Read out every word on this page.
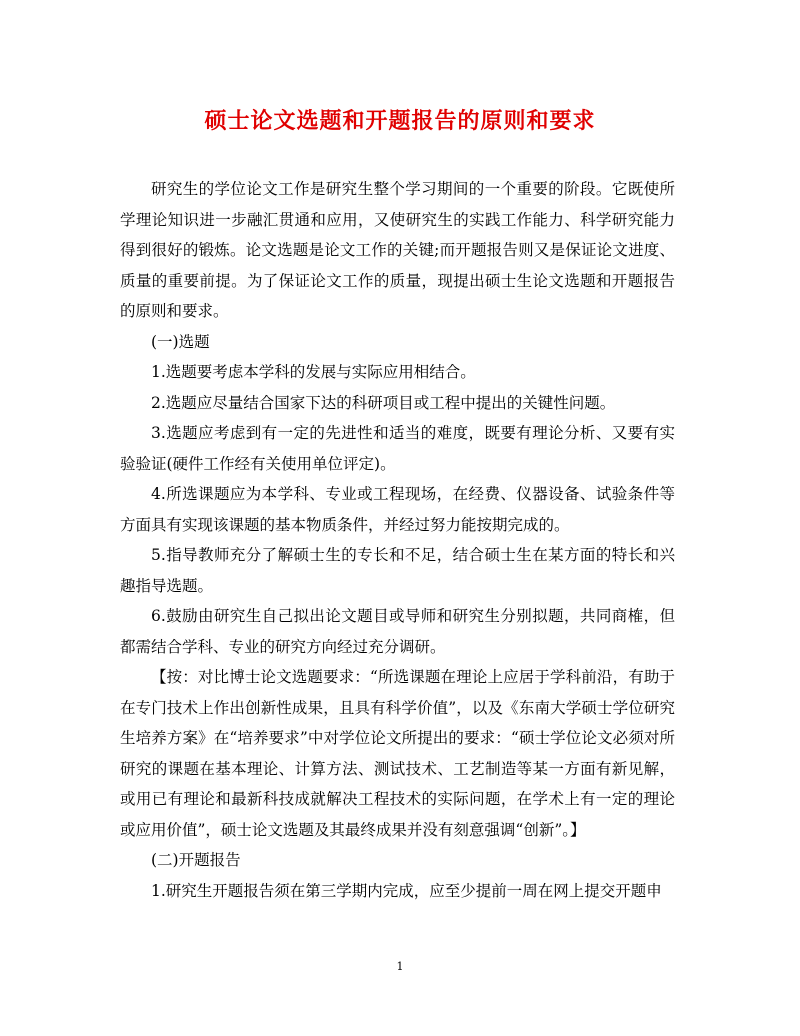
硕士论文选题和开题报告的原则和要求

研究生的学位论文工作是研究生整个学习期间的一个重要的阶段。它既使所学理论知识进一步融汇贯通和应用，又使研究生的实践工作能力、科学研究能力得到很好的锻炼。论文选题是论文工作的关键;而开题报告则又是保证论文进度、质量的重要前提。为了保证论文工作的质量，现提出硕士生论文选题和开题报告的原则和要求。

(一)选题

1.选题要考虑本学科的发展与实际应用相结合。

2.选题应尽量结合国家下达的科研项目或工程中提出的关键性问题。

3.选题应考虑到有一定的先进性和适当的难度，既要有理论分析、又要有实验验证(硬件工作经有关使用单位评定)。

4.所选课题应为本学科、专业或工程现场，在经费、仪器设备、试验条件等方面具有实现该课题的基本物质条件，并经过努力能按期完成的。

5.指导教师充分了解硕士生的专长和不足，结合硕士生在某方面的特长和兴趣指导选题。

6.鼓励由研究生自己拟出论文题目或导师和研究生分别拟题，共同商榷，但都需结合学科、专业的研究方向经过充分调研。

【按：对比博士论文选题要求：“所选课题在理论上应居于学科前沿，有助于在专门技术上作出创新性成果，且具有科学价值”，以及《东南大学硕士学位研究生培养方案》在“培养要求”中对学位论文所提出的要求：“硕士学位论文必须对所研究的课题在基本理论、计算方法、测试技术、工艺制造等某一方面有新见解，或用已有理论和最新科技成就解决工程技术的实际问题，在学术上有一定的理论或应用价值”，硕士论文选题及其最终成果并没有刻意强调“创新”。】

(二)开题报告

1.研究生开题报告须在第三学期内完成，应至少提前一周在网上提交开题申

1
